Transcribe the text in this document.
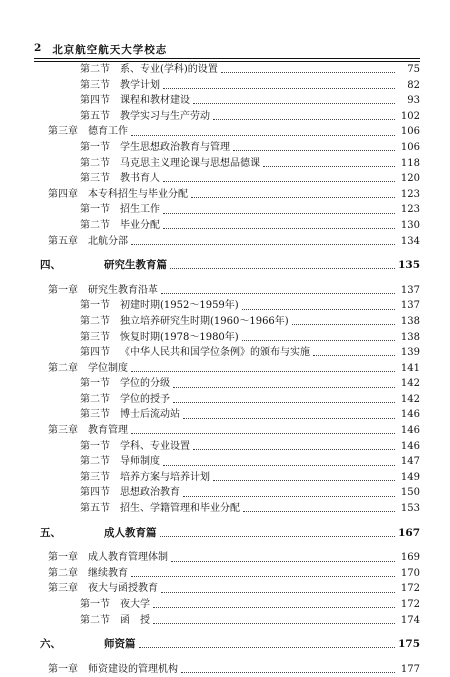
2 北京航空航天大学校志
第二节	系、专业(学科)的设置	75
第三节	教学计划	82
第四节	课程和教材建设	93
第五节	教学实习与生产劳动	102
第三章	德育工作	106
第一节	学生思想政治教育与管理	106
第二节	马克思主义理论课与思想品德课	118
第三节	教书育人	120
第四章	本专科招生与毕业分配	123
第一节	招生工作	123
第二节	毕业分配	130
第五章	北航分部	134
四、	研究生教育篇	135
第一章	研究生教育沿革	137
第一节	初建时期(1952～1959年)	137
第二节	独立培养研究生时期(1960～1966年)	138
第三节	恢复时期(1978～1980年)	138
第四节	《中华人民共和国学位条例》的颁布与实施	139
第二章	学位制度	141
第一节	学位的分级	142
第二节	学位的授予	142
第三节	博士后流动站	146
第三章	教育管理	146
第一节	学科、专业设置	146
第二节	导师制度	147
第三节	培养方案与培养计划	149
第四节	思想政治教育	150
第五节	招生、学籍管理和毕业分配	153
五、	成人教育篇	167
第一章	成人教育管理体制	169
第二章	继续教育	170
第三章	夜大与函授教育	172
第一节	夜大学	172
第二节	函　授	174
六、	师资篇	175
第一章	师资建设的管理机构	177
